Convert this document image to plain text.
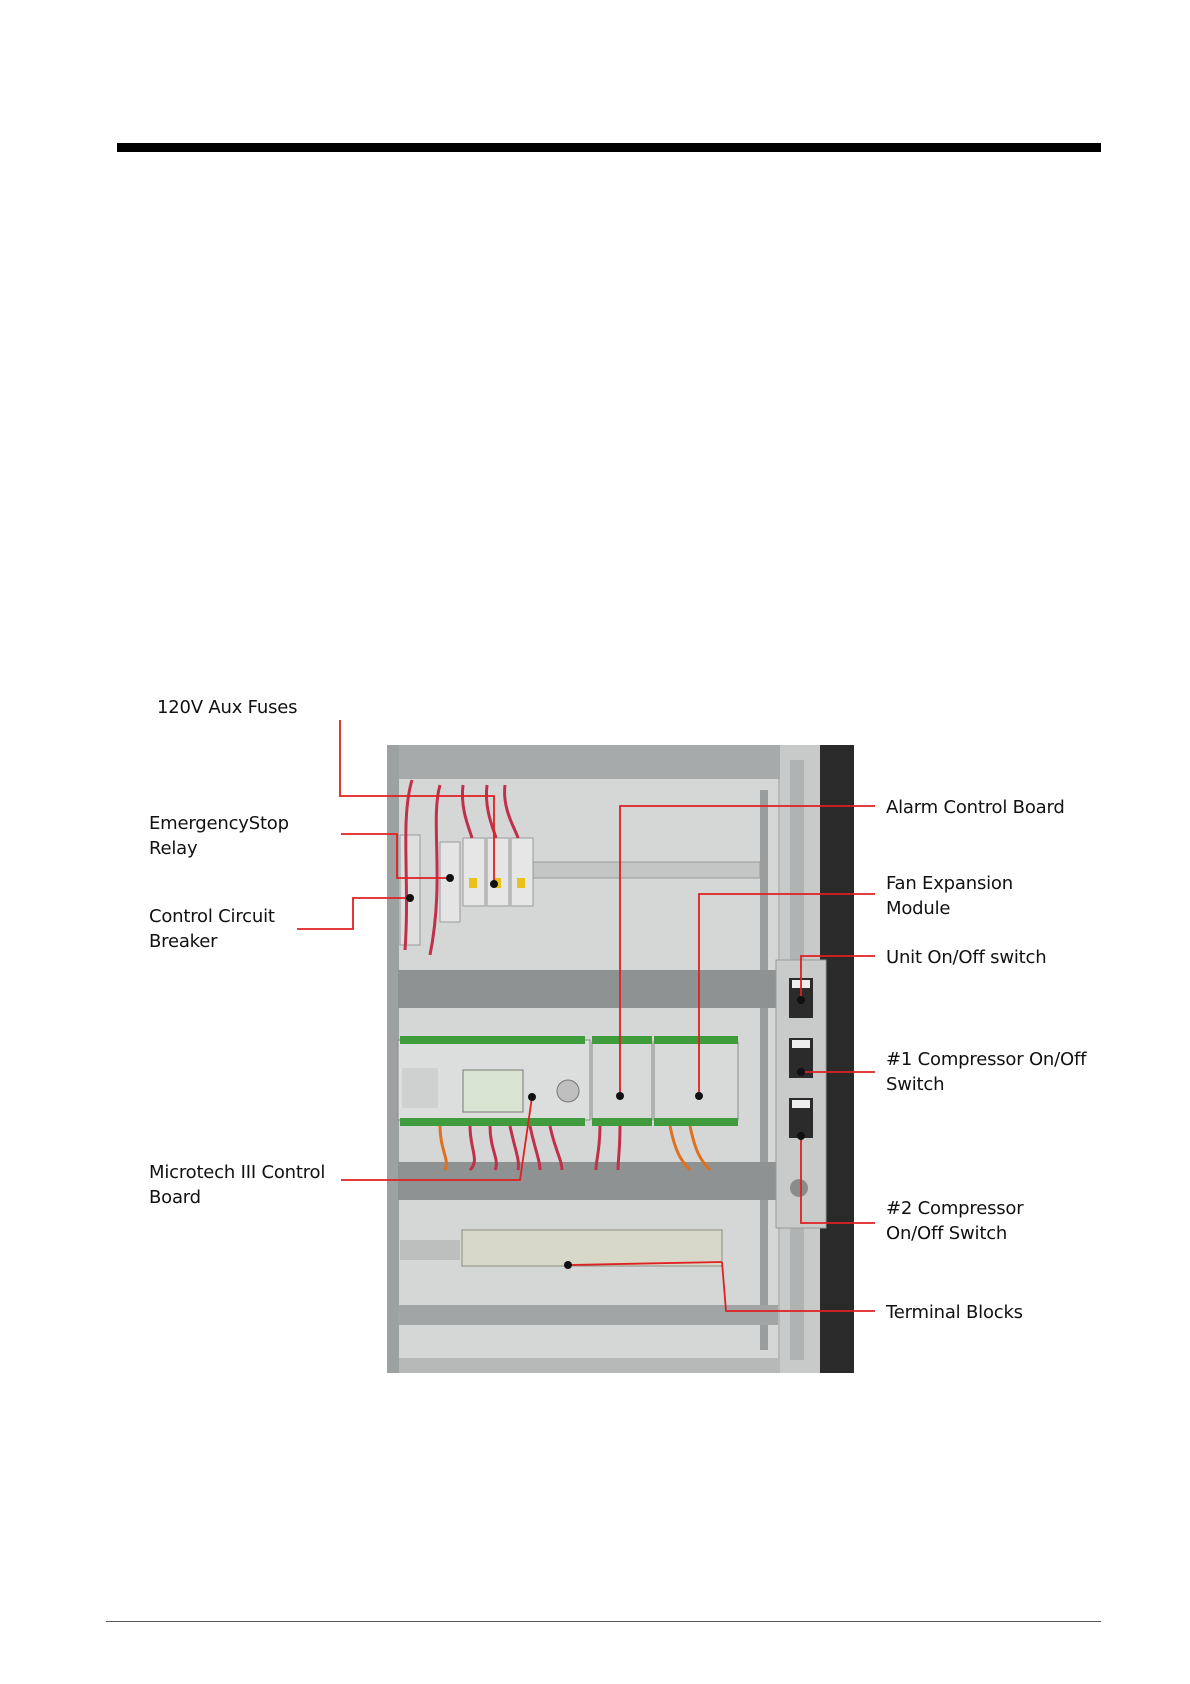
120V Aux Fuses
EmergencyStop
Relay
Control Circuit
Breaker
Microtech III Control
Board
Alarm Control Board
Fan Expansion
Module
Unit On/Off switch
#1 Compressor On/Off
Switch
#2 Compressor
On/Off Switch
Terminal Blocks
